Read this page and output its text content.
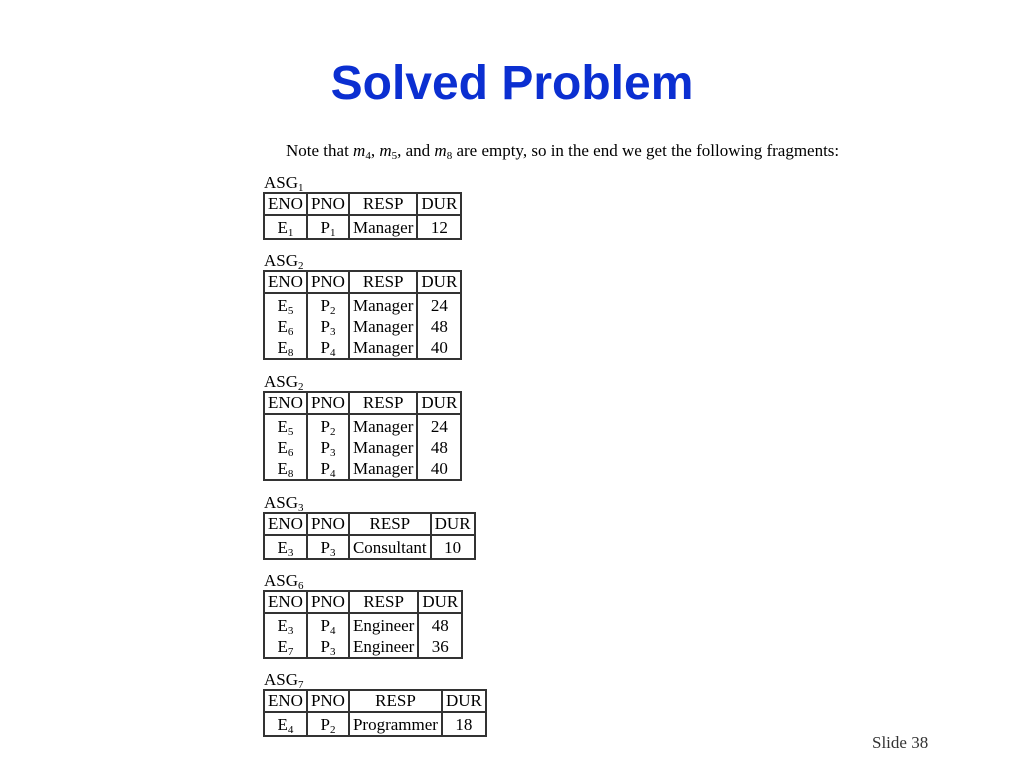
Solved Problem
Note that $m_4$, $m_5$, and $m_8$ are empty, so in the end we get the following fragments:
$ASG_1$
ENO	PNO	RESP	DUR
$E_1$	$P_1$	Manager	12
$ASG_2$
ENO	PNO	RESP	DUR
$E_5$	$P_2$	Manager	24
$E_6$	$P_3$	Manager	48
$E_8$	$P_4$	Manager	40
$ASG_2$
ENO	PNO	RESP	DUR
$E_5$	$P_2$	Manager	24
$E_6$	$P_3$	Manager	48
$E_8$	$P_4$	Manager	40
$ASG_3$
ENO	PNO	RESP	DUR
$E_3$	$P_3$	Consultant	10
$ASG_6$
ENO	PNO	RESP	DUR
$E_3$	$P_4$	Engineer	48
$E_7$	$P_3$	Engineer	36
$ASG_7$
ENO	PNO	RESP	DUR
$E_4$	$P_2$	Programmer	18
Slide 38
